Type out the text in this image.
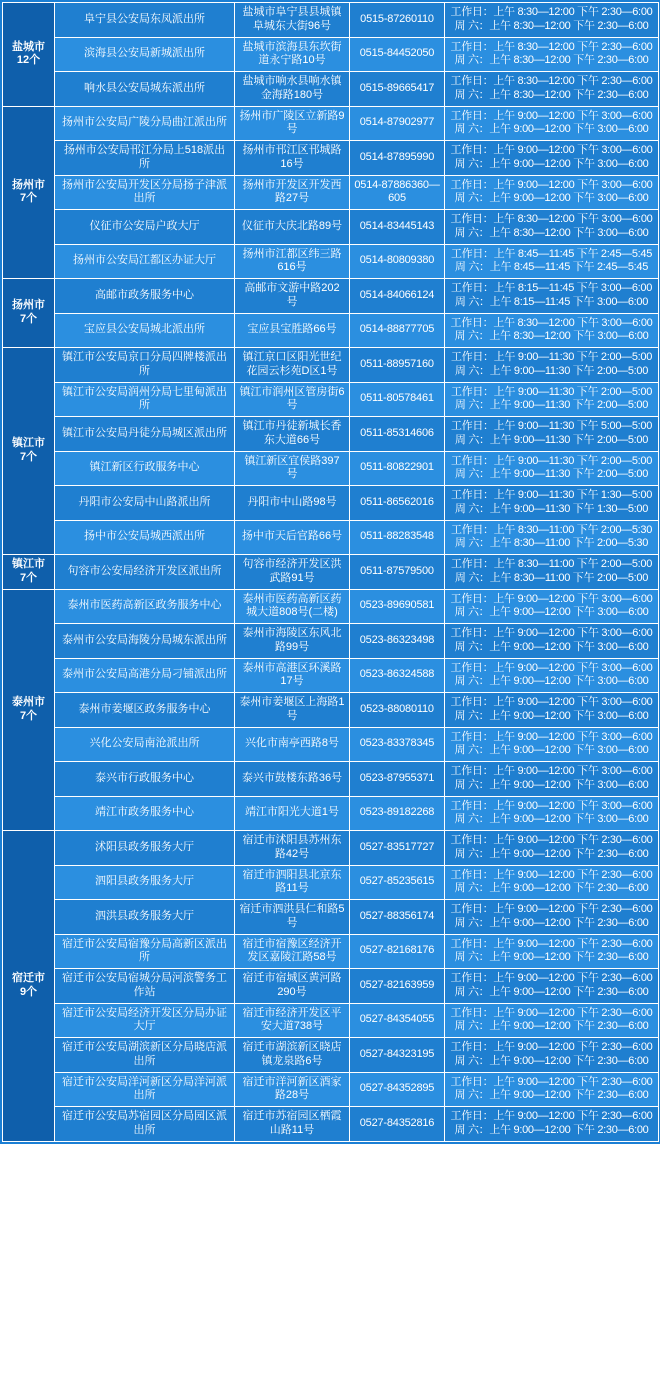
盐城市
12个
	阜宁县公安局东凤派出所	盐城市阜宁县县城镇阜城东大街96号	0515-87260110	
工作日：上午 8:30—12:00 下午 2:30—6:00
周 六：上午 8:30—12:00 下午 2:30—6:00

	滨海县公安局新城派出所	盐城市滨海县东坎街道永宁路10号	0515-84452050	工作日：上午 8:30—12:00 下午 2:30—6:00
周 六：上午 8:30—12:00 下午 2:30—6:00

	响水县公安局城东派出所	盐城市响水县响水镇金海路180号	0515-89665417	工作日：上午 8:30—12:00 下午 2:30—6:00
周 六：上午 8:30—12:00 下午 2:30—6:00

扬州市
7个
	扬州市公安局广陵分局曲江派出所	扬州市广陵区立新路9号	0514-87902977	
工作日：上午 9:00—12:00 下午 3:00—6:00
周 六：上午 9:00—12:00 下午 3:00—6:00

	扬州市公安局邗江分局上518派出所	扬州市邗江区邗城路16号	0514-87895990	工作日：上午 9:00—12:00 下午 3:00—6:00
周 六：上午 9:00—12:00 下午 3:00—6:00

	扬州市公安局开发区分局扬子津派出所	扬州市开发区开发西路27号	0514-87886360—605	工作日：上午 9:00—12:00 下午 3:00—6:00
周 六：上午 9:00—12:00 下午 3:00—6:00

	仪征市公安局户政大厅	仪征市大庆北路89号	0514-83445143	工作日：上午 8:30—12:00 下午 3:00—6:00
周 六：上午 8:30—12:00 下午 3:00—6:00

	扬州市公安局江都区办证大厅	扬州市江都区纬三路616号	0514-80809380	工作日：上午 8:45—11:45 下午 2:45—5:45
周 六：上午 8:45—11:45 下午 2:45—5:45

扬州市
7个
	高邮市政务服务中心	高邮市文游中路202号	0514-84066124	
工作日：上午 8:15—11:45 下午 3:00—6:00
周 六：上午 8:15—11:45 下午 3:00—6:00

	宝应县公安局城北派出所	宝应县宝胜路66号	0514-88877705	工作日：上午 8:30—12:00 下午 3:00—6:00
周 六：上午 8:30—12:00 下午 3:00—6:00

镇江市
7个
	镇江市公安局京口分局四牌楼派出所	镇江京口区阳光世纪花园云杉苑D区1号	0511-88957160	
工作日：上午 9:00—11:30 下午 2:00—5:00
周 六：上午 9:00—11:30 下午 2:00—5:00

	镇江市公安局润州分局七里甸派出所	镇江市润州区管房街6号	0511-80578461	工作日：上午 9:00—11:30 下午 2:00—5:00
周 六：上午 9:00—11:30 下午 2:00—5:00

	镇江市公安局丹徒分局城区派出所	镇江市丹徒新城长香东大道66号	0511-85314606	工作日：上午 9:00—11:30 下午 5:00—5:00
周 六：上午 9:00—11:30 下午 2:00—5:00

	镇江新区行政服务中心	镇江新区宜侯路397号	0511-80822901	工作日：上午 9:00—11:30 下午 2:00—5:00
周 六：上午 9:00—11:30 下午 2:00—5:00

	丹阳市公安局中山路派出所	丹阳市中山路98号	0511-86562016	工作日：上午 9:00—11:30 下午 1:30—5:00
周 六：上午 9:00—11:30 下午 1:30—5:00

	扬中市公安局城西派出所	扬中市天后官路66号	0511-88283548	工作日：上午 8:30—11:00 下午 2:00—5:30
周 六：上午 8:30—11:00 下午 2:00—5:30

镇江市
7个
	句容市公安局经济开发区派出所	句容市经济开发区洪武路91号	0511-87579500	
工作日：上午 8:30—11:00 下午 2:00—5:00
周 六：上午 8:30—11:00 下午 2:00—5:00

泰州市
7个
	泰州市医药高新区政务服务中心	泰州市医药高新区药城大道808号(二楼)	0523-89690581	
工作日：上午 9:00—12:00 下午 3:00—6:00
周 六：上午 9:00—12:00 下午 3:00—6:00

	泰州市公安局海陵分局城东派出所	泰州市海陵区东风北路99号	0523-86323498	工作日：上午 9:00—12:00 下午 3:00—6:00
周 六：上午 9:00—12:00 下午 3:00—6:00

	泰州市公安局高港分局刁铺派出所	泰州市高港区环溪路17号	0523-86324588	工作日：上午 9:00—12:00 下午 3:00—6:00
周 六：上午 9:00—12:00 下午 3:00—6:00

	泰州市姜堰区政务服务中心	泰州市姜堰区上海路1号	0523-88080110	工作日：上午 9:00—12:00 下午 3:00—6:00
周 六：上午 9:00—12:00 下午 3:00—6:00

	兴化公安局南沧派出所	兴化市南亭西路8号	0523-83378345	工作日：上午 9:00—12:00 下午 3:00—6:00
周 六：上午 9:00—12:00 下午 3:00—6:00

	泰兴市行政服务中心	泰兴市鼓楼东路36号	0523-87955371	工作日：上午 9:00—12:00 下午 3:00—6:00
周 六：上午 9:00—12:00 下午 3:00—6:00

	靖江市政务服务中心	靖江市阳光大道1号	0523-89182268	工作日：上午 9:00—12:00 下午 3:00—6:00
周 六：上午 9:00—12:00 下午 3:00—6:00

宿迁市
9个
	沭阳县政务服务大厅	宿迁市沭阳县苏州东路42号	0527-83517727	
工作日：上午 9:00—12:00 下午 2:30—6:00
周 六：上午 9:00—12:00 下午 2:30—6:00

	泗阳县政务服务大厅	宿迁市泗阳县北京东路11号	0527-85235615	工作日：上午 9:00—12:00 下午 2:30—6:00
周 六：上午 9:00—12:00 下午 2:30—6:00

	泗洪县政务服务大厅	宿迁市泗洪县仁和路5号	0527-88356174	工作日：上午 9:00—12:00 下午 2:30—6:00
周 六：上午 9:00—12:00 下午 2:30—6:00

	宿迁市公安局宿豫分局高新区派出所	宿迁市宿豫区经济开发区嘉陵江路58号	0527-82168176	工作日：上午 9:00—12:00 下午 2:30—6:00
周 六：上午 9:00—12:00 下午 2:30—6:00

	宿迁市公安局宿城分局河滨警务工作站	宿迁市宿城区黄河路290号	0527-82163959	工作日：上午 9:00—12:00 下午 2:30—6:00
周 六：上午 9:00—12:00 下午 2:30—6:00

	宿迁市公安局经济开发区分局办证大厅	宿迁市经济开发区平安大道738号	0527-84354055	工作日：上午 9:00—12:00 下午 2:30—6:00
周 六：上午 9:00—12:00 下午 2:30—6:00

	宿迁市公安局湖滨新区分局晓店派出所	宿迁市湖滨新区晓店镇龙泉路6号	0527-84323195	工作日：上午 9:00—12:00 下午 2:30—6:00
周 六：上午 9:00—12:00 下午 2:30—6:00

	宿迁市公安局洋河新区分局洋河派出所	宿迁市洋河新区酒家路28号	0527-84352895	工作日：上午 9:00—12:00 下午 2:30—6:00
周 六：上午 9:00—12:00 下午 2:30—6:00

	宿迁市公安局苏宿园区分局园区派出所	宿迁市苏宿园区栖霞山路11号	0527-84352816	工作日：上午 9:00—12:00 下午 2:30—6:00
周 六：上午 9:00—12:00 下午 2:30—6:00
